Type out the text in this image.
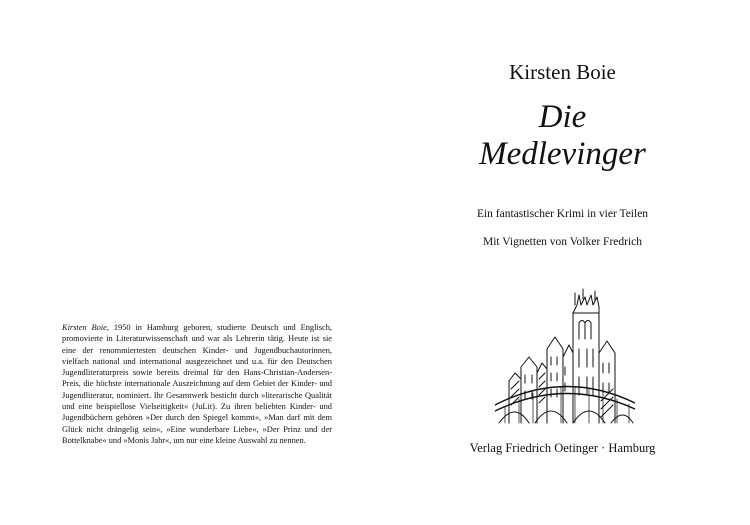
Kirsten Boie, 1950 in Hamburg geboren, studierte Deutsch und Englisch, promovierte in Literaturwissenschaft und war als Lehrerin tätig. Heute ist sie eine der renommiertesten deutschen Kinder- und Jugendbuchautorinnen, vielfach national und international ausgezeichnet und u.a. für den Deutschen Jugendliteraturpreis sowie bereits dreimal für den Hans-Christian-Andersen-Preis, die höchste internationale Auszeichnung auf dem Gebiet der Kinder- und Jugendliteratur, nominiert. Ihr Gesamtwerk besticht durch »literarische Qualität und eine beispiellose Vielseitigkeit« (JuLit). Zu ihren beliebten Kinder- und Jugendbüchern gehören »Der durch den Spiegel kommt«, »Man darf mit dem Glück nicht drängelig sein«, »Eine wunderbare Liebe«, »Der Prinz und der Bottelknabe« und »Monis Jahr«, um nur eine kleine Auswahl zu nennen.

Kirsten Boie
Die
Medlevinger
Ein fantastischer Krimi in vier Teilen
Mit Vignetten von Volker Fredrich
Verlag Friedrich Oetinger · Hamburg
